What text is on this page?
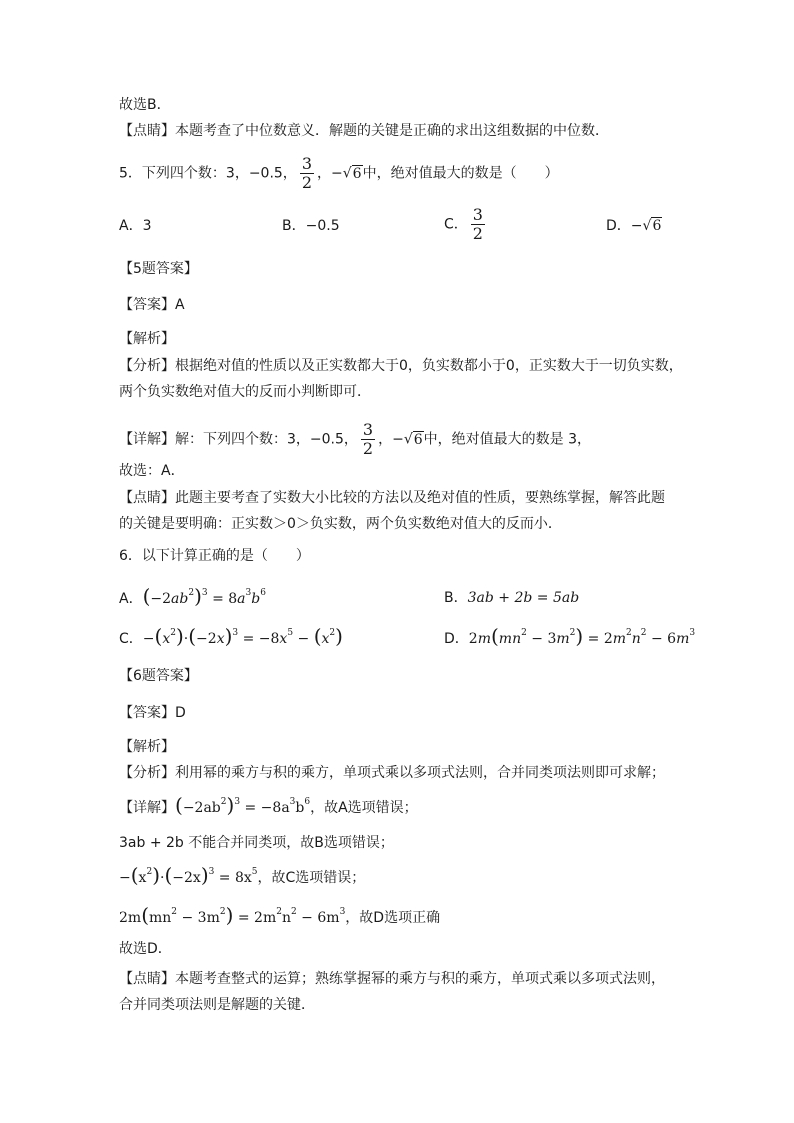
故选B．
【点睛】本题考查了中位数意义．解题的关键是正确的求出这组数据的中位数．
5．下列四个数：3，−0.5， $\frac{3}{2}$ ，−√6中，绝对值最大的数是（　　）
A．3	B．−0.5	C． $\frac{3}{2}$	D．−√6
【5题答案】
【答案】A
【解析】
【分析】根据绝对值的性质以及正实数都大于0，负实数都小于0，正实数大于一切负实数，
两个负实数绝对值大的反而小判断即可．
【详解】解：下列四个数：3，−0.5， $\frac{3}{2}$ ，−√6中，绝对值最大的数是 3，
故选：A．
【点睛】此题主要考查了实数大小比较的方法以及绝对值的性质，要熟练掌握，解答此题
的关键是要明确：正实数＞0＞负实数，两个负实数绝对值大的反而小．
6．以下计算正确的是（　　）
A．$(-2ab^2)^3 = 8a^3b^6$	B．3ab + 2b = 5ab
C．$-(x^2)\cdot(-2x)^3 = -8x^5 - (x^2)$	D．$2m(mn^2 - 3m^2) = 2m^2n^2 - 6m^3$
【6题答案】
【答案】D
【解析】
【分析】利用幂的乘方与积的乘方，单项式乘以多项式法则，合并同类项法则即可求解；
【详解】$(-2ab^2)^3 = -8a^3b^6$，故A选项错误；
3ab + 2b 不能合并同类项，故B选项错误；
$-(x^2)\cdot(-2x)^3 = 8x^5$，故C选项错误；
$2m(mn^2 - 3m^2) = 2m^2n^2 - 6m^3$，故D选项正确
故选D．
【点睛】本题考查整式的运算；熟练掌握幂的乘方与积的乘方，单项式乘以多项式法则，
合并同类项法则是解题的关键．
